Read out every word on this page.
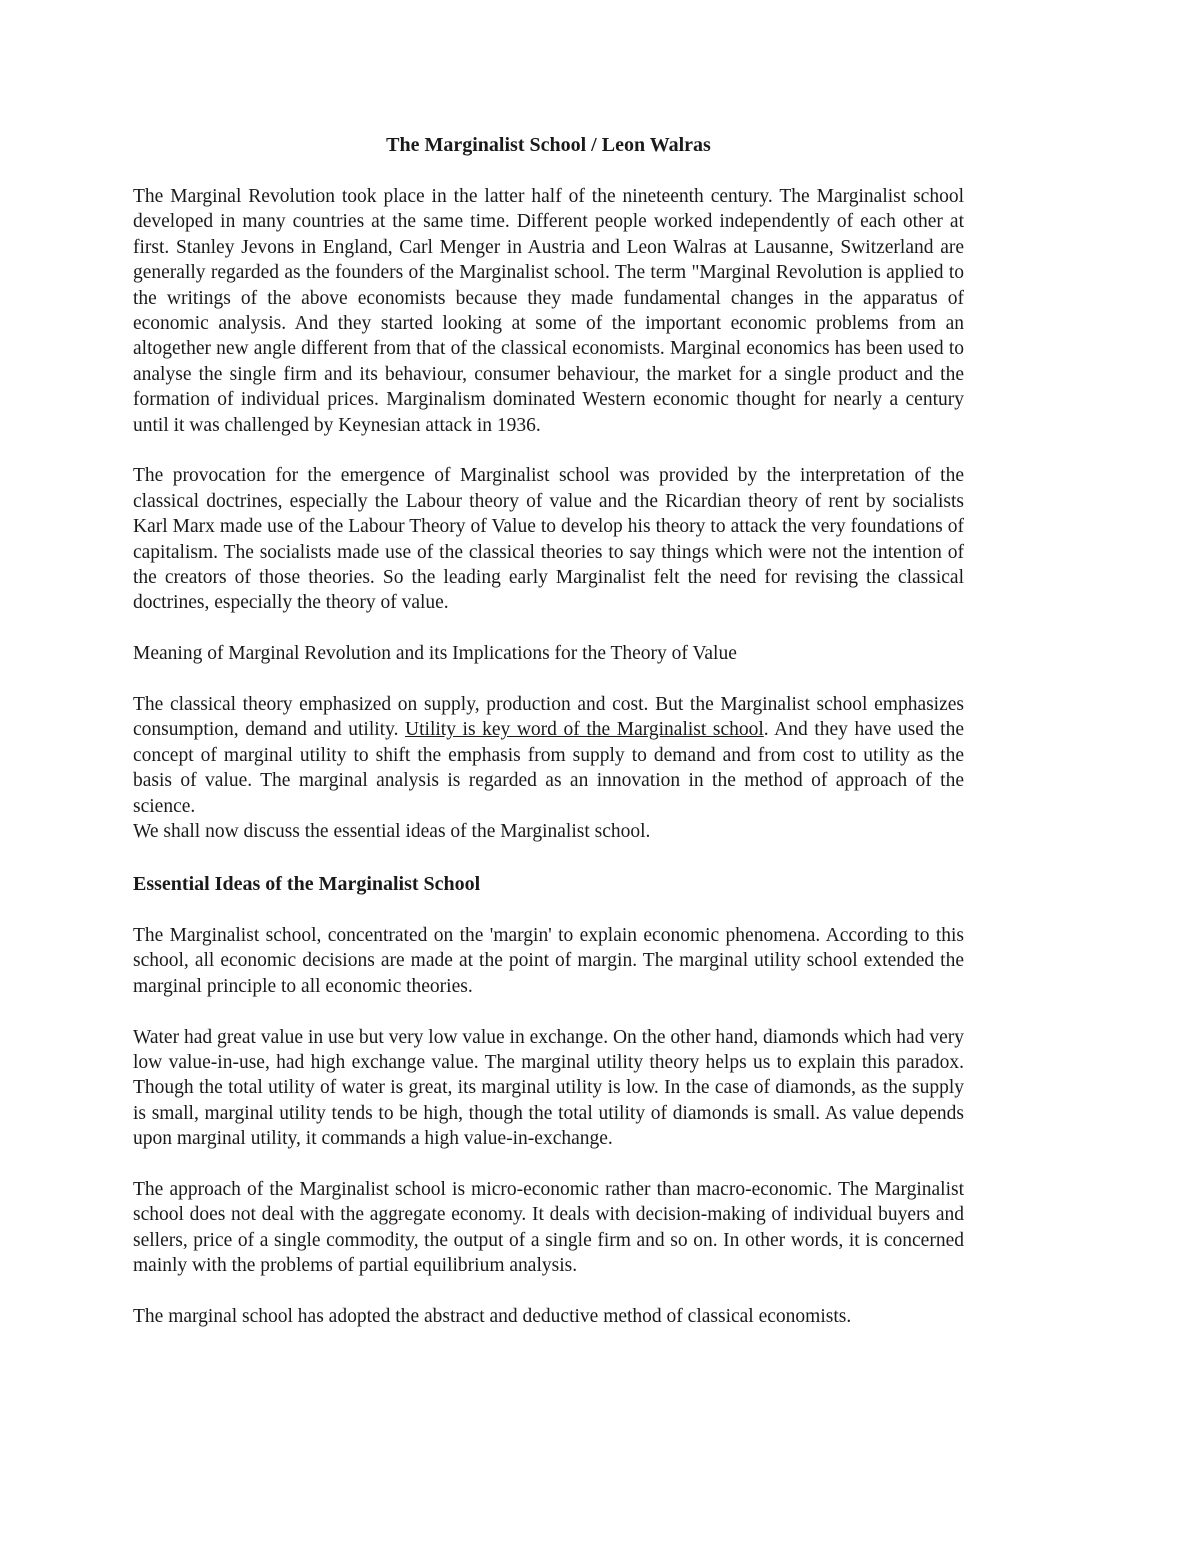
The Marginalist School / Leon Walras

The Marginal Revolution took place in the latter half of the nineteenth century. The Marginalist school developed in many countries at the same time. Different people worked independently of each other at first. Stanley Jevons in England, Carl Menger in Austria and Leon Walras at Lausanne, Switzerland are generally regarded as the founders of the Marginalist school. The term "Marginal Revolution is applied to the writings of the above economists because they made fundamental changes in the apparatus of economic analysis. And they started looking at some of the important economic problems from an altogether new angle different from that of the classical economists. Marginal economics has been used to analyse the single firm and its behaviour, consumer behaviour, the market for a single product and the formation of individual prices. Marginalism dominated Western economic thought for nearly a century until it was challenged by Keynesian attack in 1936.

The provocation for the emergence of Marginalist school was provided by the interpretation of the classical doctrines, especially the Labour theory of value and the Ricardian theory of rent by socialists Karl Marx made use of the Labour Theory of Value to develop his theory to attack the very foundations of capitalism. The socialists made use of the classical theories to say things which were not the intention of the creators of those theories. So the leading early Marginalist felt the need for revising the classical doctrines, especially the theory of value.

Meaning of Marginal Revolution and its Implications for the Theory of Value

The classical theory emphasized on supply, production and cost. But the Marginalist school emphasizes consumption, demand and utility. Utility is key word of the Marginalist school. And they have used the concept of marginal utility to shift the emphasis from supply to demand and from cost to utility as the basis of value. The marginal analysis is regarded as an innovation in the method of approach of the science.

We shall now discuss the essential ideas of the Marginalist school.

Essential Ideas of the Marginalist School

The Marginalist school, concentrated on the 'margin' to explain economic phenomena. According to this school, all economic decisions are made at the point of margin. The marginal utility school extended the marginal principle to all economic theories.

Water had great value in use but very low value in exchange. On the other hand, diamonds which had very low value-in-use, had high exchange value. The marginal utility theory helps us to explain this paradox. Though the total utility of water is great, its marginal utility is low. In the case of diamonds, as the supply is small, marginal utility tends to be high, though the total utility of diamonds is small. As value depends upon marginal utility, it commands a high value-in-exchange.

The approach of the Marginalist school is micro-economic rather than macro-economic. The Marginalist school does not deal with the aggregate economy. It deals with decision-making of individual buyers and sellers, price of a single commodity, the output of a single firm and so on. In other words, it is concerned mainly with the problems of partial equilibrium analysis.

The marginal school has adopted the abstract and deductive method of classical economists.
